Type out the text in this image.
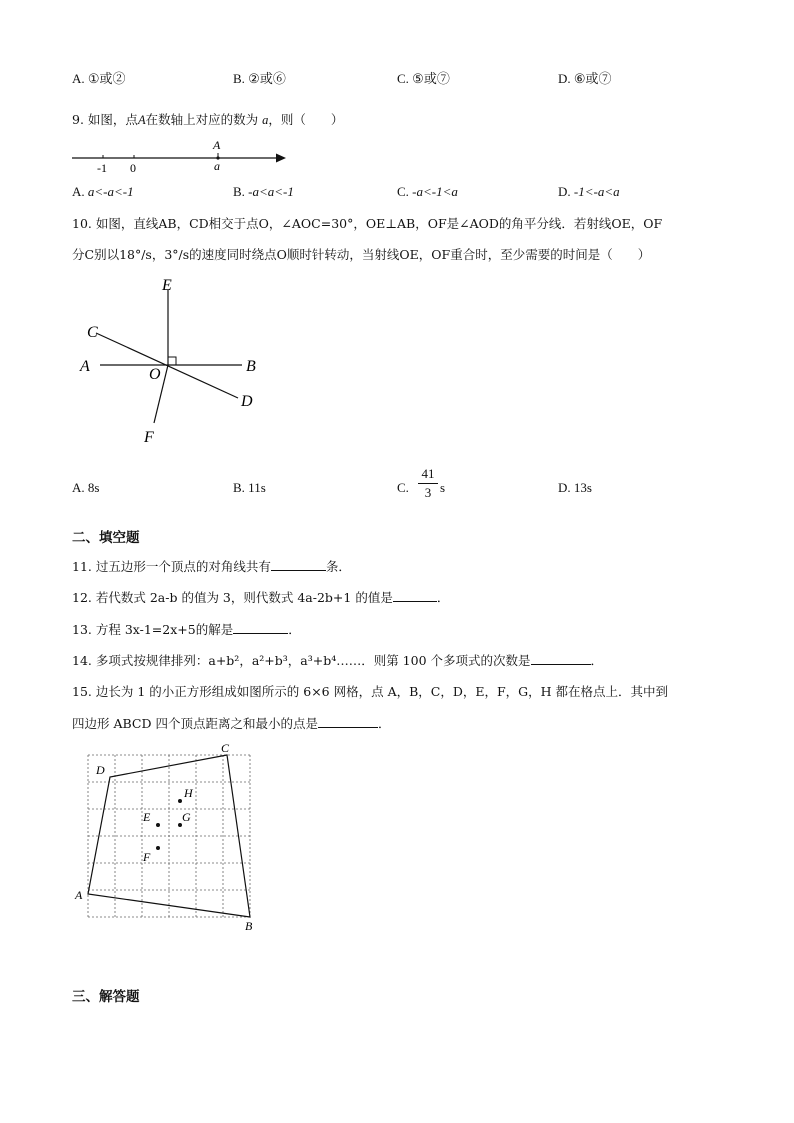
A. ①或②	B. ②或⑥	C. ⑤或⑦	D. ⑥或⑦
9. 如图，点A在数轴上对应的数为 a，则（　　）
A
a
-1 0
A. a<-a<-1	B. -a<a<-1	C. -a<-1<a	D. -1<-a<a
10. 如图，直线AB，CD相交于点O，∠AOC=30°，OE⊥AB，OF是∠AOD的角平分线．若射线OE，OF
分C别以18°/s，3°/s的速度同时绕点O顺时针转动，当射线OE，OF重合时，至少需要的时间是（　　）
E
C
A	O	B
D
F
A. 8s	B. 11s	C.
41
3 s	D. 13s
二、填空题
11. 过五边形一个顶点的对角线共有	条．
12. 若代数式 2a-b 的值为 3，则代数式 4a-2b+1 的值是	．
13. 方程 3x-1=2x+5的解是	．
14. 多项式按规律排列：a+b²，a²+b³，a³+b⁴……．则第 100 个多项式的次数是	．
15. 边长为 1 的小正方形组成如图所示的 6×6 网格，点 A，B，C，D，E，F，G，H 都在格点上．其中到
四边形 ABCD 四个顶点距离之和最小的点是	．
H
E	G
F
D
C
A
B
三、解答题
